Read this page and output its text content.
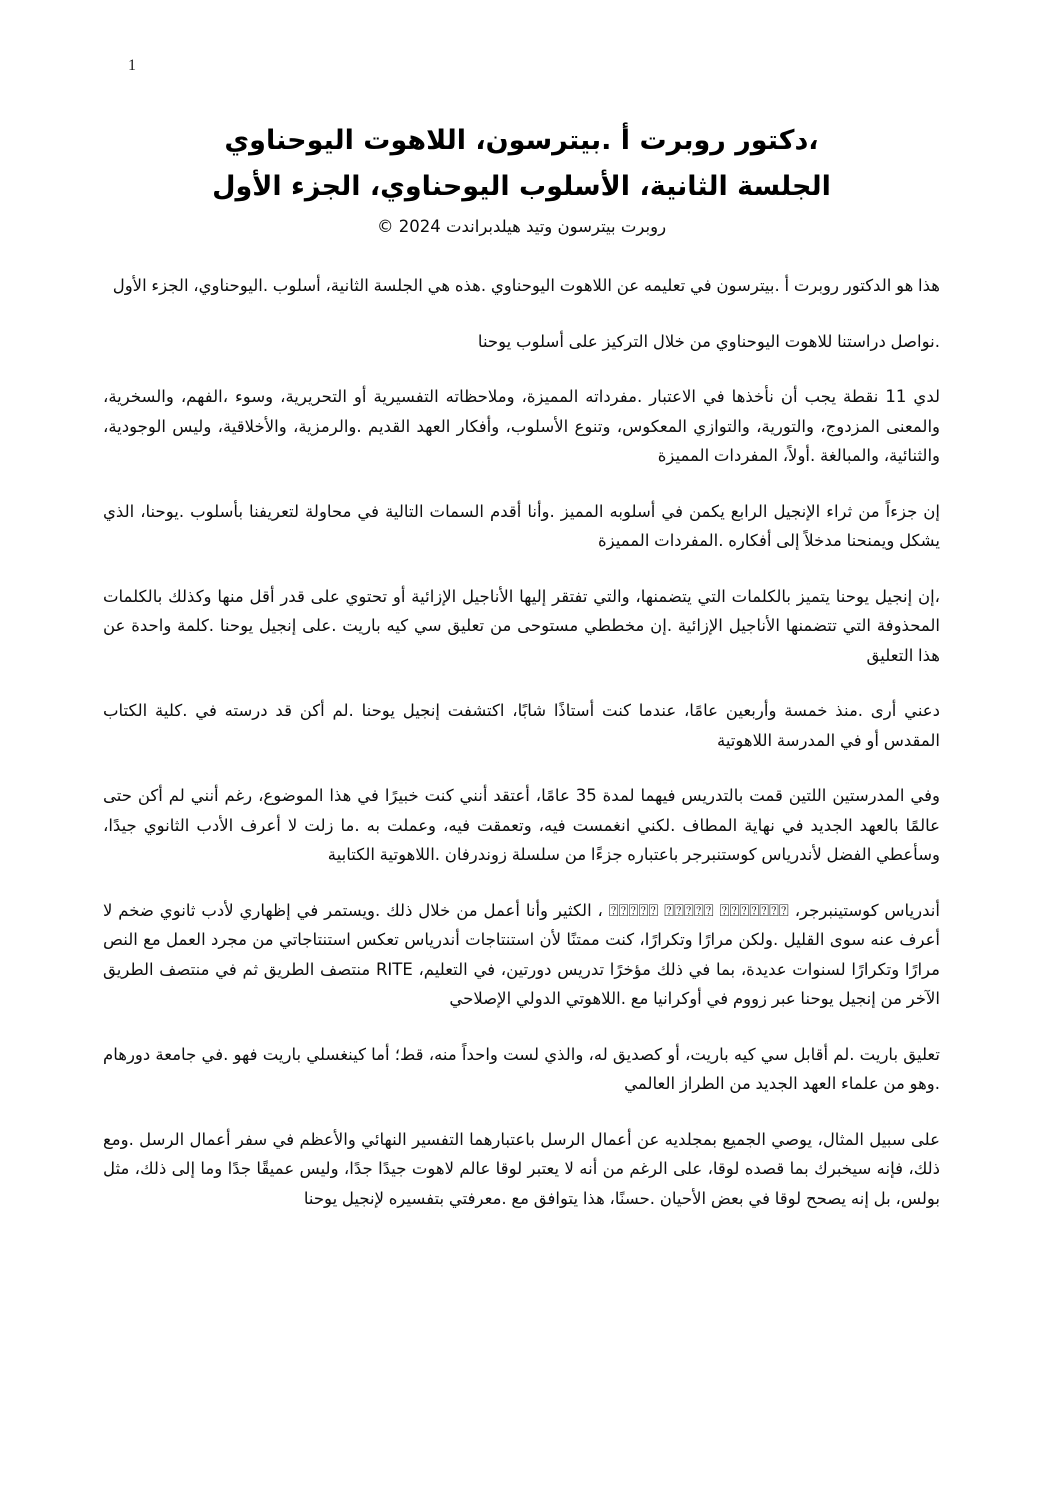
1
،دكتور روبرت أ .بيترسون، اللاهوت اليوحناوي
الجلسة الثانية، الأسلوب اليوحناوي، الجزء الأول
روبرت بيترسون وتيد هيلدبراندت 2024 ©

هذا هو الدكتور روبرت أ .بيترسون في تعليمه عن اللاهوت اليوحناوي .هذه هي الجلسة الثانية، أسلوب .اليوحناوي، الجزء الأول

.نواصل دراستنا للاهوت اليوحناوي من خلال التركيز على أسلوب يوحنا

لدي 11 نقطة يجب أن نأخذها في الاعتبار .مفرداته المميزة، وملاحظاته التفسيرية أو التحريرية، وسوء ،الفهم، والسخرية، والمعنى المزدوج، والتورية، والتوازي المعكوس، وتنوع الأسلوب، وأفكار العهد القديم .والرمزية، والأخلاقية، وليس الوجودية، والثنائية، والمبالغة .أولاً، المفردات المميزة

إن جزءاً من ثراء الإنجيل الرابع يكمن في أسلوبه المميز .وأنا أقدم السمات التالية في محاولة لتعريفنا بأسلوب .يوحنا، الذي يشكل ويمنحنا مدخلاً إلى أفكاره .المفردات المميزة

،إن إنجيل يوحنا يتميز بالكلمات التي يتضمنها، والتي تفتقر إليها الأناجيل الإزائية أو تحتوي على قدر أقل منها وكذلك بالكلمات المحذوفة التي تتضمنها الأناجيل الإزائية .إن مخططي مستوحى من تعليق سي كيه باريت .على إنجيل يوحنا .كلمة واحدة عن هذا التعليق

دعني أرى .منذ خمسة وأربعين عامًا، عندما كنت أستاذًا شابًا، اكتشفت إنجيل يوحنا .لم أكن قد درسته في .كلية الكتاب المقدس أو في المدرسة اللاهوتية

وفي المدرستين اللتين قمت بالتدريس فيهما لمدة 35 عامًا، أعتقد أنني كنت خبيرًا في هذا الموضوع، رغم أنني لم أكن حتى عالمًا بالعهد الجديد في نهاية المطاف .لكني انغمست فيه، وتعمقت فيه، وعملت به .ما زلت لا أعرف الأدب الثانوي جيدًا، وسأعطي الفضل لأندرياس كوستنبرجر باعتباره جزءًا من سلسلة زوندرفان .اللاهوتية الكتابية

أندرياس كوستينبرجر، ⍰⍰⍰⍰⍰ ⍰⍰⍰⍰⍰ ⍰⍰⍰⍰⍰⍰⍰ ، الكثير وأنا أعمل من خلال ذلك .ويستمر في إظهاري لأدب ثانوي ضخم لا أعرف عنه سوى القليل .ولكن مرارًا وتكرارًا، كنت ممتنًا لأن استنتاجات أندرياس تعكس استنتاجاتي من مجرد العمل مع النص مرارًا وتكرارًا لسنوات عديدة، بما في ذلك مؤخرًا تدريس دورتين، في التعليم، RITE منتصف الطريق ثم في منتصف الطريق الآخر من إنجيل يوحنا عبر زووم في أوكرانيا مع .اللاهوتي الدولي الإصلاحي

تعليق باريت .لم أقابل سي كيه باريت، أو كصديق له، والذي لست واحداً منه، قط؛ أما كينغسلي باريت فهو .في جامعة دورهام .وهو من علماء العهد الجديد من الطراز العالمي

على سبيل المثال، يوصي الجميع بمجلديه عن أعمال الرسل باعتبارهما التفسير النهائي والأعظم في سفر أعمال الرسل .ومع ذلك، فإنه سيخبرك بما قصده لوقا، على الرغم من أنه لا يعتبر لوقا عالم لاهوت جيدًا جدًا، وليس عميقًا جدًا وما إلى ذلك، مثل بولس، بل إنه يصحح لوقا في بعض الأحيان .حسنًا، هذا يتوافق مع .معرفتي بتفسيره لإنجيل يوحنا
